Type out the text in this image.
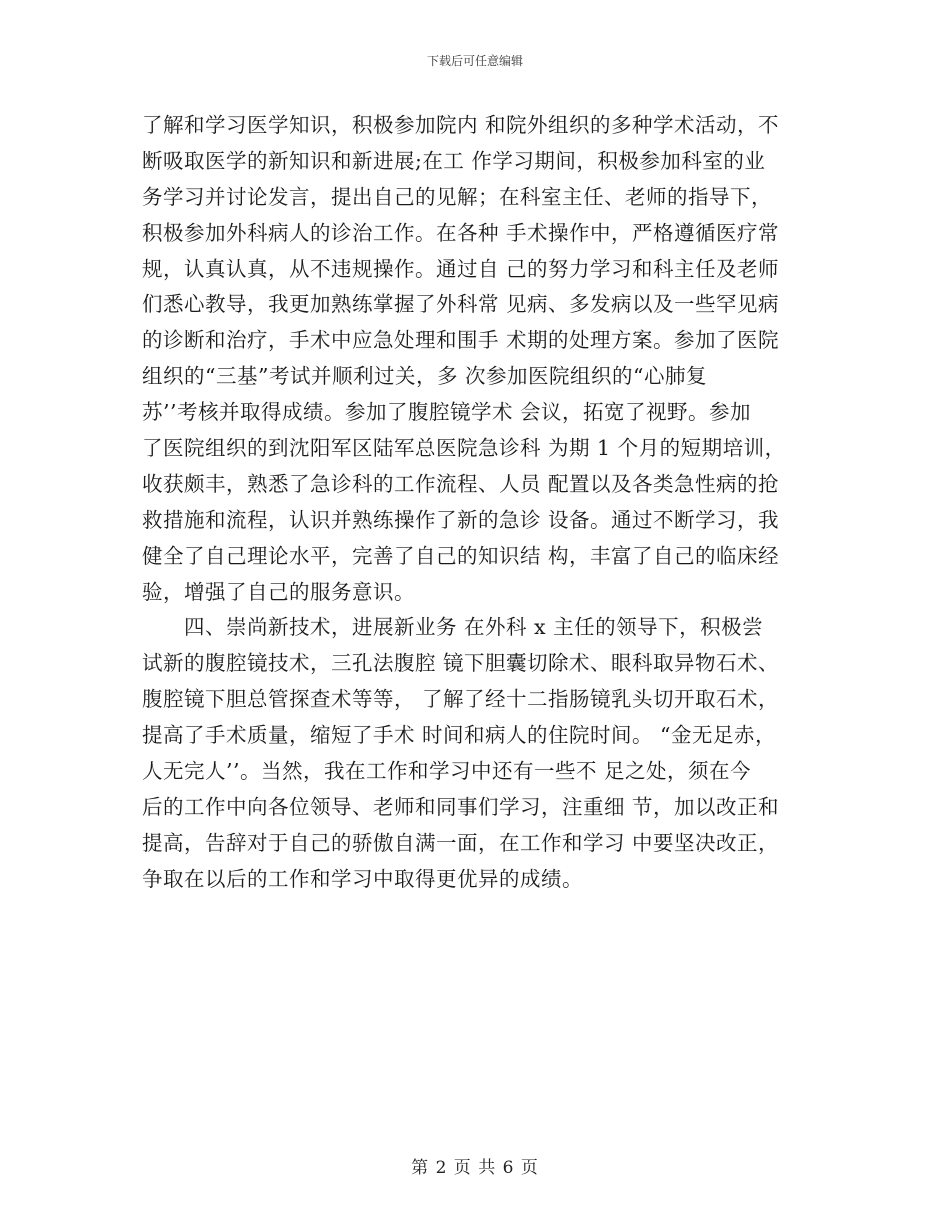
下载后可任意编辑
了解和学习医学知识，积极参加院内 和院外组织的多种学术活动，不
断吸取医学的新知识和新进展;在工 作学习期间，积极参加科室的业
务学习并讨论发言，提出自己的见解；在科室主任、老师的指导下，
积极参加外科病人的诊治工作。在各种 手术操作中，严格遵循医疗常
规，认真认真，从不违规操作。通过自 己的努力学习和科主任及老师
们悉心教导，我更加熟练掌握了外科常 见病、多发病以及一些罕见病
的诊断和治疗，手术中应急处理和围手 术期的处理方案。参加了医院
组织的“三基”考试并顺利过关，多 次参加医院组织的“心肺复
苏’’考核并取得成绩。参加了腹腔镜学术 会议，拓宽了视野。参加
了医院组织的到沈阳军区陆军总医院急诊科 为期 1 个月的短期培训，
收获颇丰，熟悉了急诊科的工作流程、人员 配置以及各类急性病的抢
救措施和流程，认识并熟练操作了新的急诊 设备。通过不断学习，我
健全了自己理论水平，完善了自己的知识结 构，丰富了自己的临床经
验，增强了自己的服务意识。
　　四、崇尚新技术，进展新业务 在外科 x 主任的领导下，积极尝
试新的腹腔镜技术，三孔法腹腔 镜下胆囊切除术、眼科取异物石术、
腹腔镜下胆总管探查术等等， 了解了经十二指肠镜乳头切开取石术，
提高了手术质量，缩短了手术 时间和病人的住院时间。 “金无足赤，
人无完人’’。当然，我在工作和学习中还有一些不 足之处，须在今
后的工作中向各位领导、老师和同事们学习，注重细 节，加以改正和
提高，告辞对于自己的骄傲自满一面，在工作和学习 中要坚决改正，
争取在以后的工作和学习中取得更优异的成绩。
第 2 页 共 6 页
